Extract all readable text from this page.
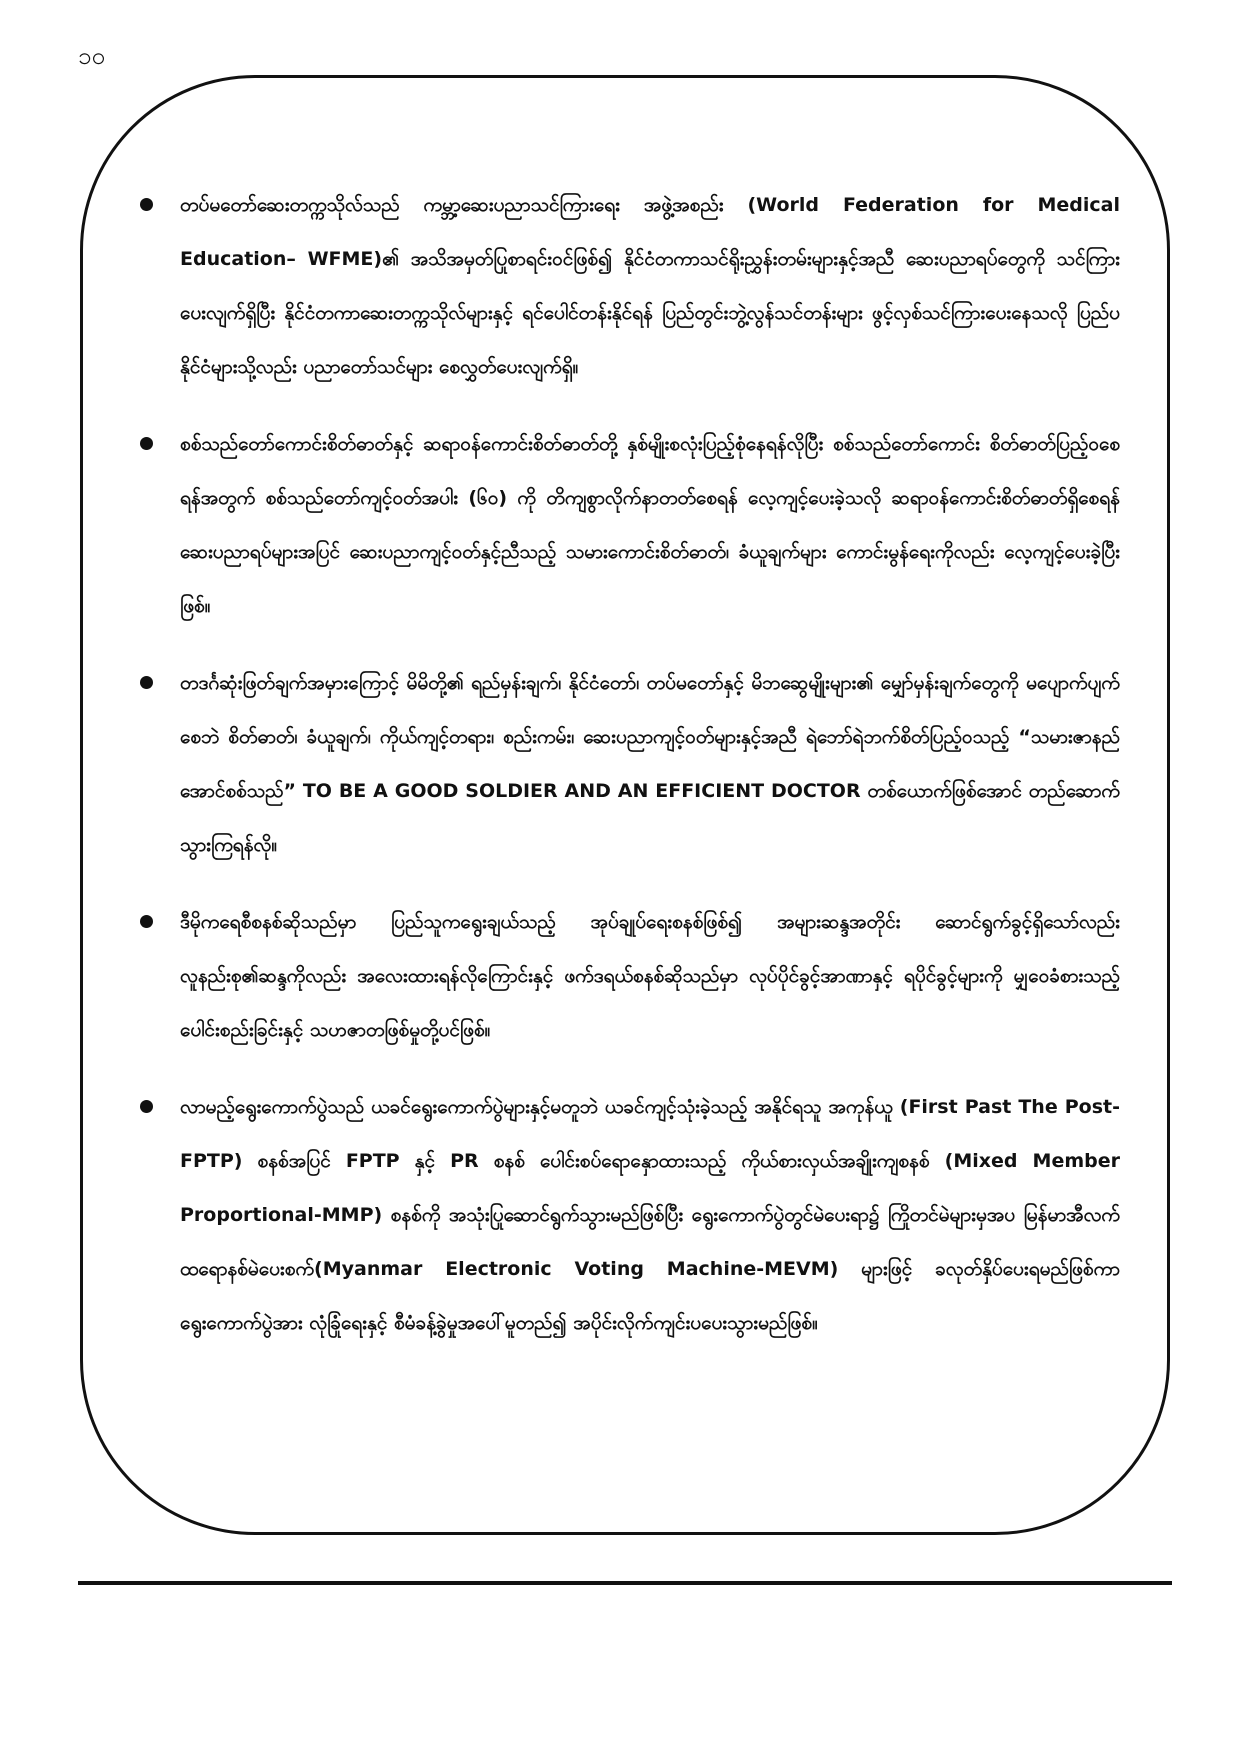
၁၀
တပ်မတော်ဆေးတက္ကသိုလ်သည် ကမ္ဘာ့ဆေးပညာသင်ကြားရေး အဖွဲ့အစည်း (World Federation for Medical Education– WFME)၏ အသိအမှတ်ပြုစာရင်းဝင်ဖြစ်၍ နိုင်ငံတကာသင်ရိုးညွှန်းတမ်းများနှင့်အညီ ဆေးပညာရပ်တွေကို သင်ကြားပေးလျက်ရှိပြီး နိုင်ငံတကာဆေးတက္ကသိုလ်များနှင့် ရင်ပေါင်တန်းနိုင်ရန် ပြည်တွင်းဘွဲ့လွန်သင်တန်းများ ဖွင့်လှစ်သင်ကြားပေးနေသလို ပြည်ပနိုင်ငံများသို့လည်း ပညာတော်သင်များ စေလွှတ်ပေးလျက်ရှိ။
စစ်သည်တော်ကောင်းစိတ်ဓာတ်နှင့် ဆရာဝန်ကောင်းစိတ်ဓာတ်တို့ နှစ်မျိုးစလုံးပြည့်စုံနေရန်လိုပြီး စစ်သည်တော်ကောင်း စိတ်ဓာတ်ပြည့်ဝစေရန်အတွက် စစ်သည်တော်ကျင့်ဝတ်အပါး (၆၀) ကို တိကျစွာလိုက်နာတတ်စေရန် လေ့ကျင့်ပေးခဲ့သလို ဆရာဝန်ကောင်းစိတ်ဓာတ်ရှိစေရန် ဆေးပညာရပ်များအပြင် ဆေးပညာကျင့်ဝတ်နှင့်ညီသည့် သမားကောင်းစိတ်ဓာတ်၊ ခံယူချက်များ ကောင်းမွန်ရေးကိုလည်း လေ့ကျင့်ပေးခဲ့ပြီးဖြစ်။
တဒင်္ဂဆုံးဖြတ်ချက်အမှားကြောင့် မိမိတို့၏ ရည်မှန်းချက်၊ နိုင်ငံတော်၊ တပ်မတော်နှင့် မိဘဆွေမျိုးများ၏ မျှော်မှန်းချက်တွေကို မပျောက်ပျက်စေဘဲ စိတ်ဓာတ်၊ ခံယူချက်၊ ကိုယ်ကျင့်တရား၊ စည်းကမ်း၊ ဆေးပညာကျင့်ဝတ်များနှင့်အညီ ရဲဘော်ရဲဘက်စိတ်ပြည့်ဝသည့် “သမားဇာနည်အောင်စစ်သည်” TO BE A GOOD SOLDIER AND AN EFFICIENT DOCTOR တစ်ယောက်ဖြစ်အောင် တည်ဆောက်သွားကြရန်လို။
ဒီမိုကရေစီစနစ်ဆိုသည်မှာ ပြည်သူကရွေးချယ်သည့် အုပ်ချုပ်ရေးစနစ်ဖြစ်၍ အများဆန္ဒအတိုင်း ဆောင်ရွက်ခွင့်ရှိသော်လည်း လူနည်းစု၏ဆန္ဒကိုလည်း အလေးထားရန်လိုကြောင်းနှင့် ဖက်ဒရယ်စနစ်ဆိုသည်မှာ လုပ်ပိုင်ခွင့်အာဏာနှင့် ရပိုင်ခွင့်များကို မျှဝေခံစားသည့် ပေါင်းစည်းခြင်းနှင့် သဟဇာတဖြစ်မှုတို့ပင်ဖြစ်။
လာမည့်ရွေးကောက်ပွဲသည် ယခင်ရွေးကောက်ပွဲများနှင့်မတူဘဲ ယခင်ကျင့်သုံးခဲ့သည့် အနိုင်ရသူ အကုန်ယူ (First Past The Post-FPTP) စနစ်အပြင် FPTP နှင့် PR စနစ် ပေါင်းစပ်ရောနှောထားသည့် ကိုယ်စားလှယ်အချိုးကျစနစ် (Mixed Member Proportional-MMP) စနစ်ကို အသုံးပြုဆောင်ရွက်သွားမည်ဖြစ်ပြီး ရွေးကောက်ပွဲတွင်မဲပေးရာ၌ ကြိုတင်မဲများမှအပ မြန်မာအီလက်ထရောနစ်မဲပေးစက်(Myanmar Electronic Voting Machine-MEVM) များဖြင့် ခလုတ်နှိပ်ပေးရမည်ဖြစ်ကာ ရွေးကောက်ပွဲအား လုံခြုံရေးနှင့် စီမံခန့်ခွဲမှုအပေါ်မူတည်၍ အပိုင်းလိုက်ကျင်းပပေးသွားမည်ဖြစ်။
